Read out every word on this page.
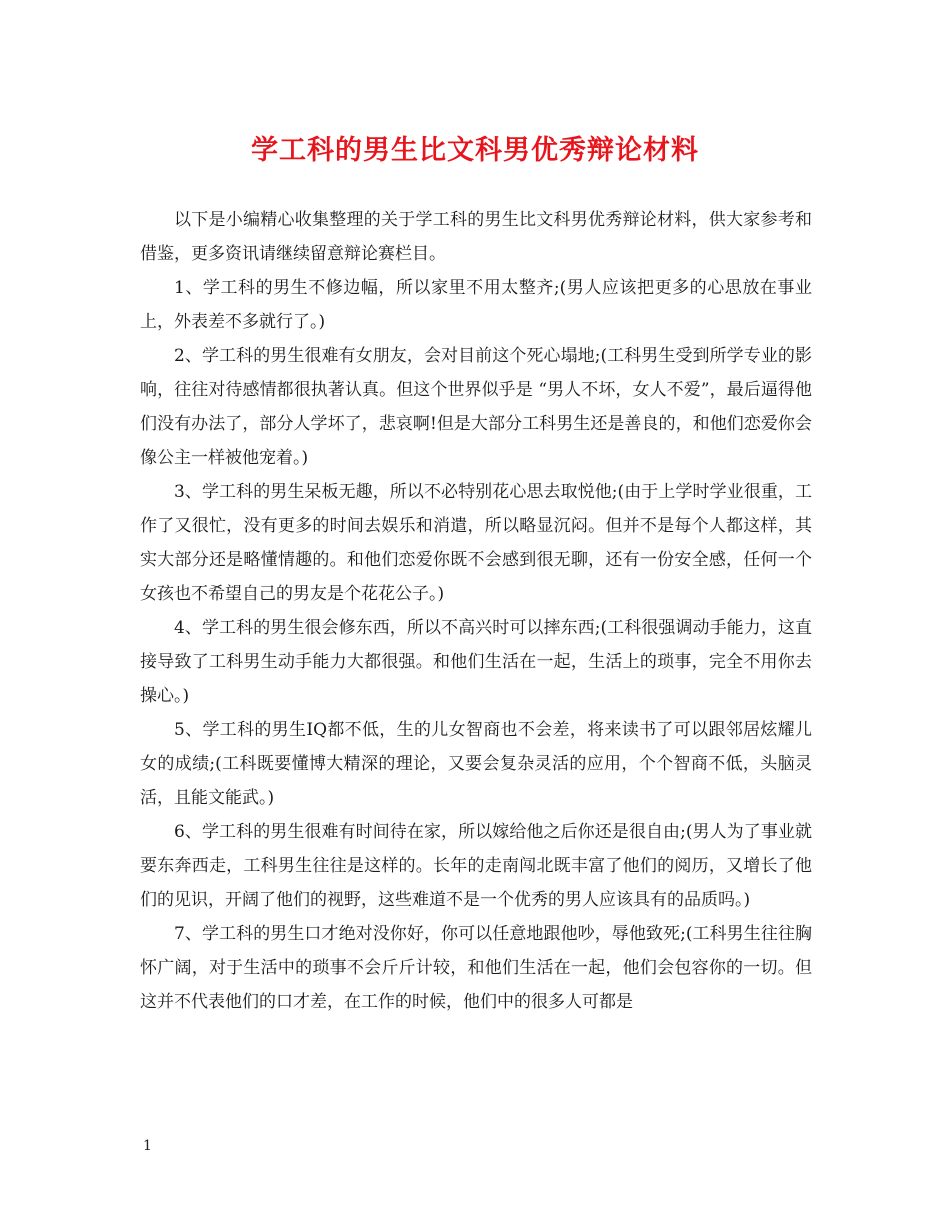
学工科的男生比文科男优秀辩论材料

以下是小编精心收集整理的关于学工科的男生比文科男优秀辩论材料，供大家参考和借鉴，更多资讯请继续留意辩论赛栏目。

1、学工科的男生不修边幅，所以家里不用太整齐;(男人应该把更多的心思放在事业上，外表差不多就行了。)

2、学工科的男生很难有女朋友，会对目前这个死心塌地;(工科男生受到所学专业的影响，往往对待感情都很执著认真。但这个世界似乎是 “男人不坏，女人不爱”，最后逼得他们没有办法了，部分人学坏了，悲哀啊!但是大部分工科男生还是善良的，和他们恋爱你会像公主一样被他宠着。)

3、学工科的男生呆板无趣，所以不必特别花心思去取悦他;(由于上学时学业很重，工作了又很忙，没有更多的时间去娱乐和消遣，所以略显沉闷。但并不是每个人都这样，其实大部分还是略懂情趣的。和他们恋爱你既不会感到很无聊，还有一份安全感，任何一个女孩也不希望自己的男友是个花花公子。)

4、学工科的男生很会修东西，所以不高兴时可以摔东西;(工科很强调动手能力，这直接导致了工科男生动手能力大都很强。和他们生活在一起，生活上的琐事，完全不用你去操心。)

5、学工科的男生IQ都不低，生的儿女智商也不会差，将来读书了可以跟邻居炫耀儿女的成绩;(工科既要懂博大精深的理论，又要会复杂灵活的应用，个个智商不低，头脑灵活，且能文能武。)

6、学工科的男生很难有时间待在家，所以嫁给他之后你还是很自由;(男人为了事业就要东奔西走，工科男生往往是这样的。长年的走南闯北既丰富了他们的阅历，又增长了他们的见识，开阔了他们的视野，这些难道不是一个优秀的男人应该具有的品质吗。)

7、学工科的男生口才绝对没你好，你可以任意地跟他吵，辱他致死;(工科男生往往胸怀广阔，对于生活中的琐事不会斤斤计较，和他们生活在一起，他们会包容你的一切。但这并不代表他们的口才差，在工作的时候，他们中的很多人可都是

1
